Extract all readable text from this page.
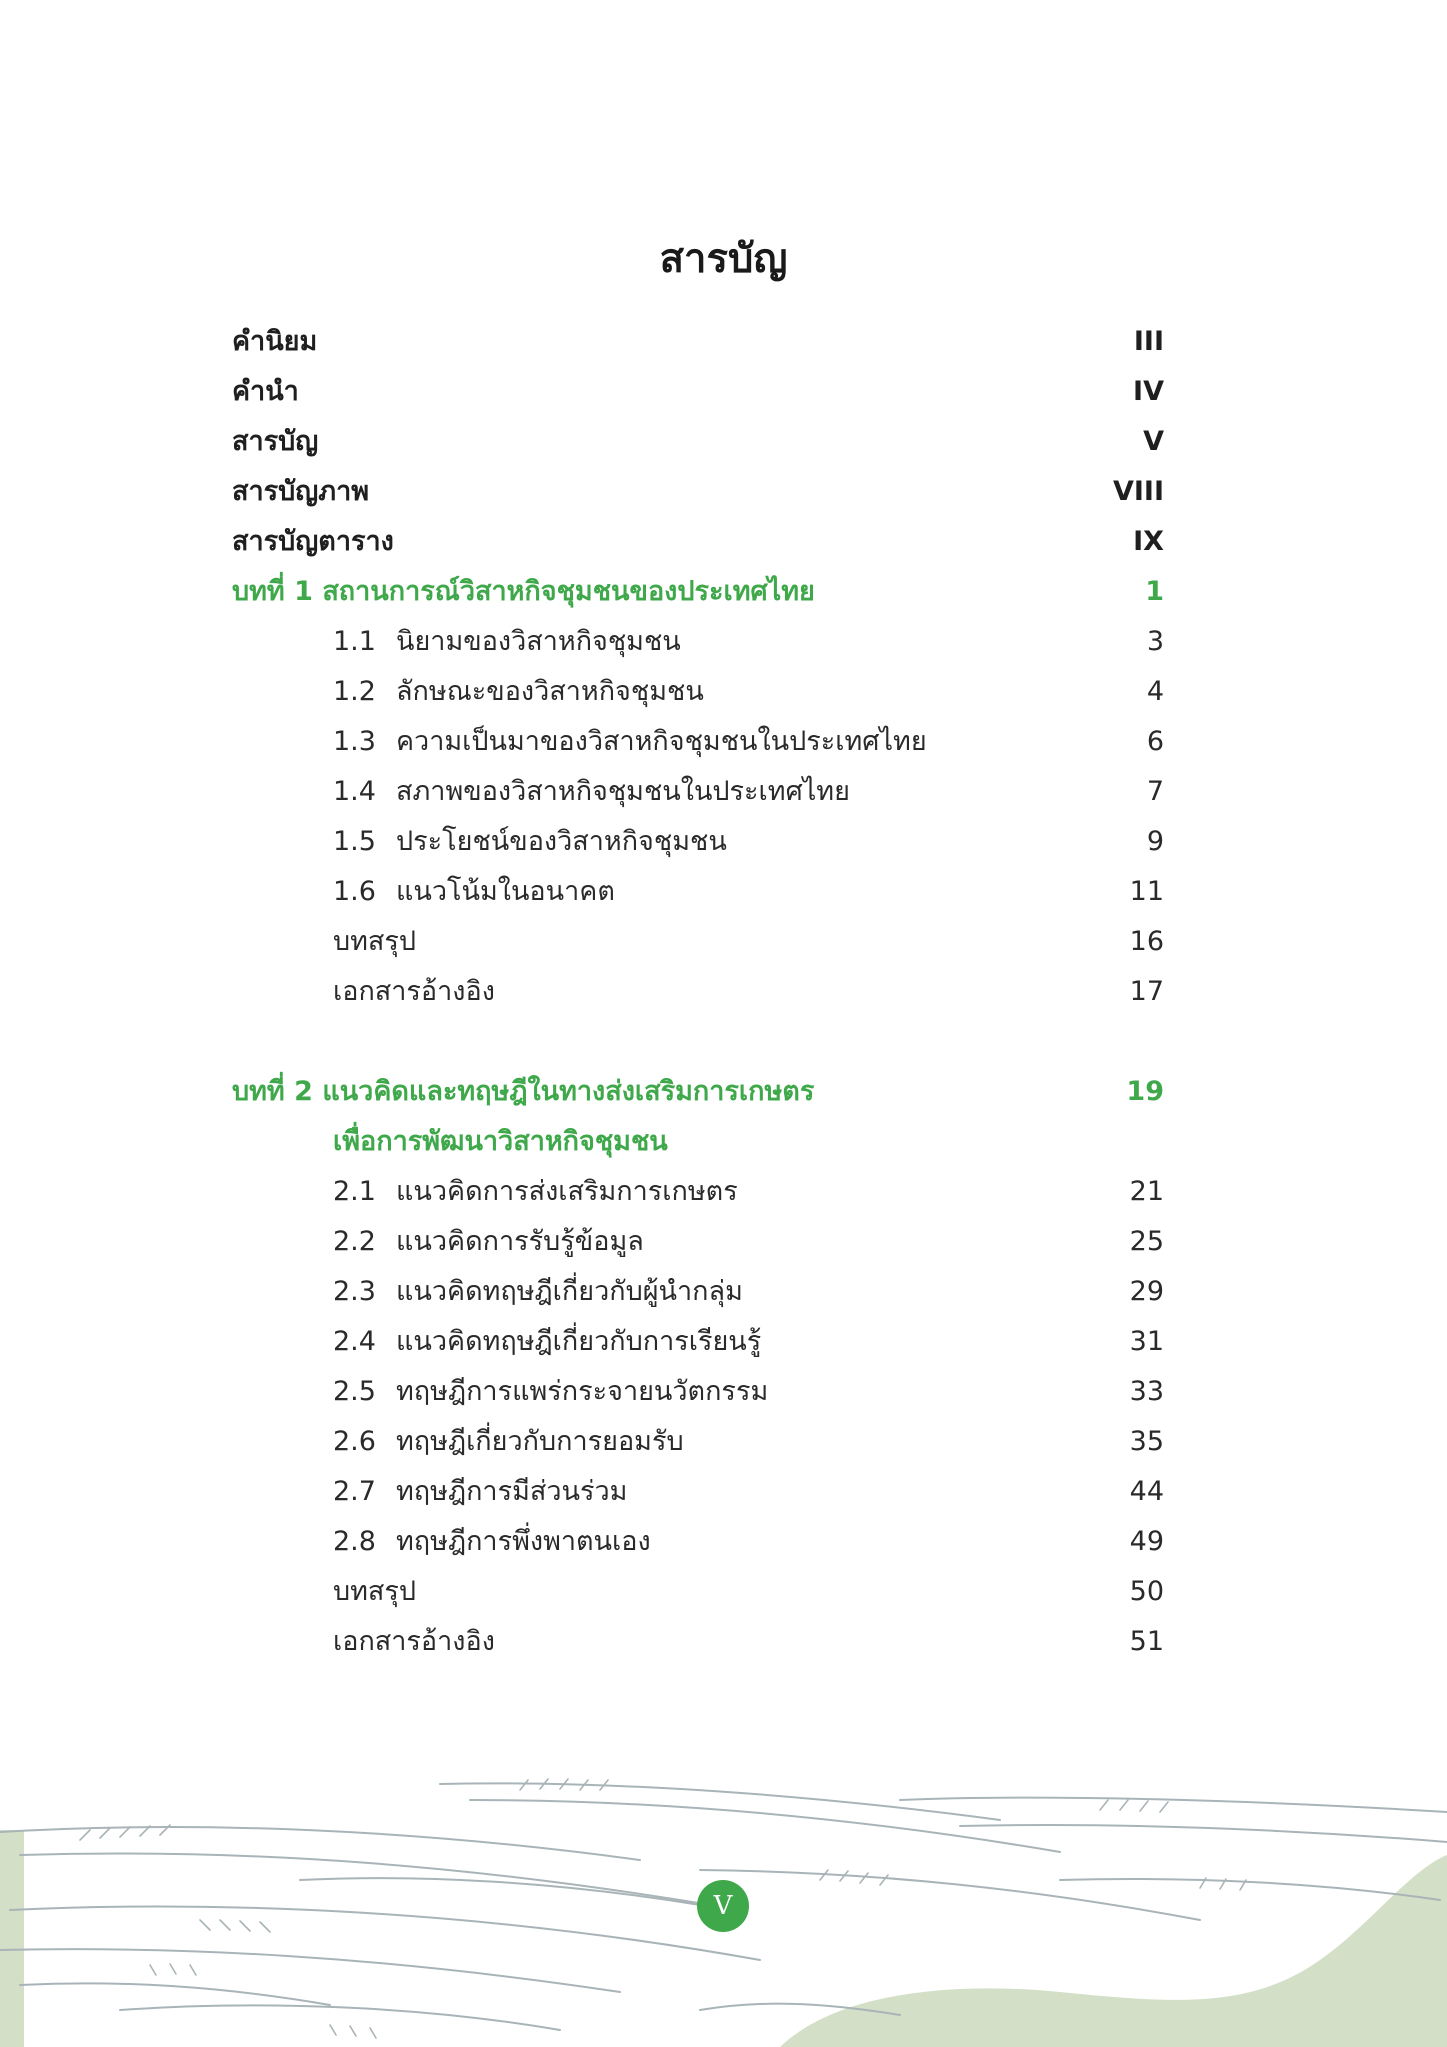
สารบัญ
คำนิยม	III
คำนำ	IV
สารบัญ	V
สารบัญภาพ	VIII
สารบัญตาราง	IX
บทที่ 1 สถานการณ์วิสาหกิจชุมชนของประเทศไทย	1
1.1 นิยามของวิสาหกิจชุมชน	3
1.2 ลักษณะของวิสาหกิจชุมชน	4
1.3 ความเป็นมาของวิสาหกิจชุมชนในประเทศไทย	6
1.4 สภาพของวิสาหกิจชุมชนในประเทศไทย	7
1.5 ประโยชน์ของวิสาหกิจชุมชน	9
1.6 แนวโน้มในอนาคต	11
บทสรุป	16
เอกสารอ้างอิง	17
บทที่ 2 แนวคิดและทฤษฎีในทางส่งเสริมการเกษตร	19
เพื่อการพัฒนาวิสาหกิจชุมชน
2.1 แนวคิดการส่งเสริมการเกษตร	21
2.2 แนวคิดการรับรู้ข้อมูล	25
2.3 แนวคิดทฤษฎีเกี่ยวกับผู้นำกลุ่ม	29
2.4 แนวคิดทฤษฎีเกี่ยวกับการเรียนรู้	31
2.5 ทฤษฎีการแพร่กระจายนวัตกรรม	33
2.6 ทฤษฎีเกี่ยวกับการยอมรับ	35
2.7 ทฤษฎีการมีส่วนร่วม	44
2.8 ทฤษฎีการพึ่งพาตนเอง	49
บทสรุป	50
เอกสารอ้างอิง	51
V
